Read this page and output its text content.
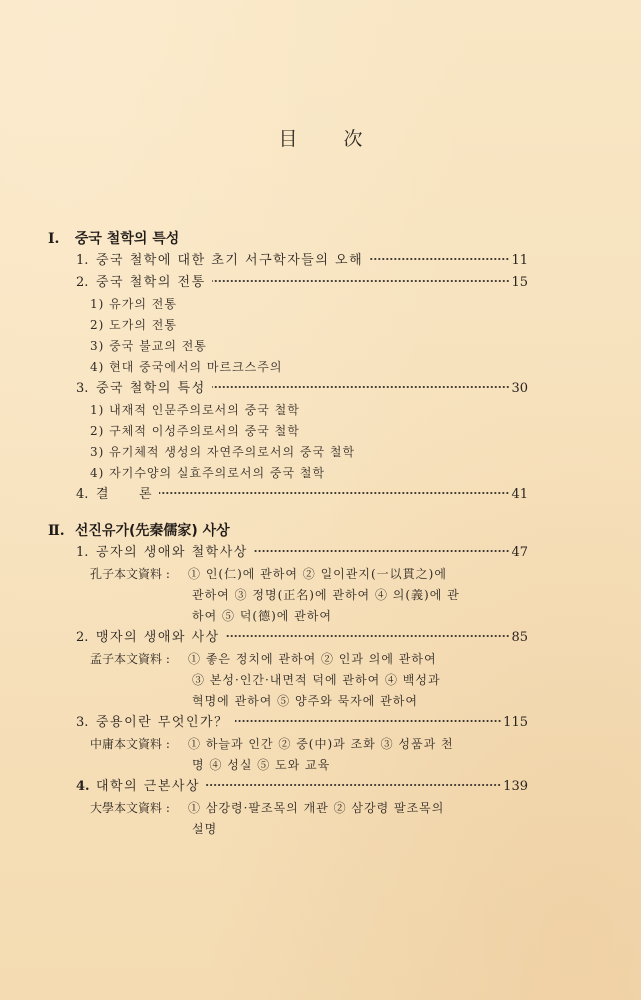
目次
Ⅰ. 중국 철학의 특성
1. 중국 철학에 대한 초기 서구학자들의 오해	11
2. 중국 철학의 전통	15
1) 유가의 전통
2) 도가의 전통
3) 중국 불교의 전통
4) 현대 중국에서의 마르크스주의
3. 중국 철학의 특성	30
1) 내재적 인문주의로서의 중국 철학
2) 구체적 이성주의로서의 중국 철학
3) 유기체적 생성의 자연주의로서의 중국 철학
4) 자기수양의 실효주의로서의 중국 철학
4. 결　　론	41
Ⅱ. 선진유가(先秦儒家) 사상
1. 공자의 생애와 철학사상	47
孔子本文資料 :	① 인(仁)에 관하여 ② 일이관지(一以貫之)에
관하여 ③ 정명(正名)에 관하여 ④ 의(義)에 관
하여 ⑤ 덕(德)에 관하여
2. 맹자의 생애와 사상	85
孟子本文資料 :	① 좋은 정치에 관하여 ② 인과 의에 관하여
③ 본성·인간·내면적 덕에 관하여 ④ 백성과
혁명에 관하여 ⑤ 양주와 묵자에 관하여
3. 중용이란 무엇인가？	115
中庸本文資料 :	① 하늘과 인간 ② 중(中)과 조화 ③ 성품과 천
명 ④ 성실 ⑤ 도와 교육
4. 대학의 근본사상	139
大學本文資料 :	① 삼강령·팔조목의 개관 ② 삼강령 팔조목의
설명
